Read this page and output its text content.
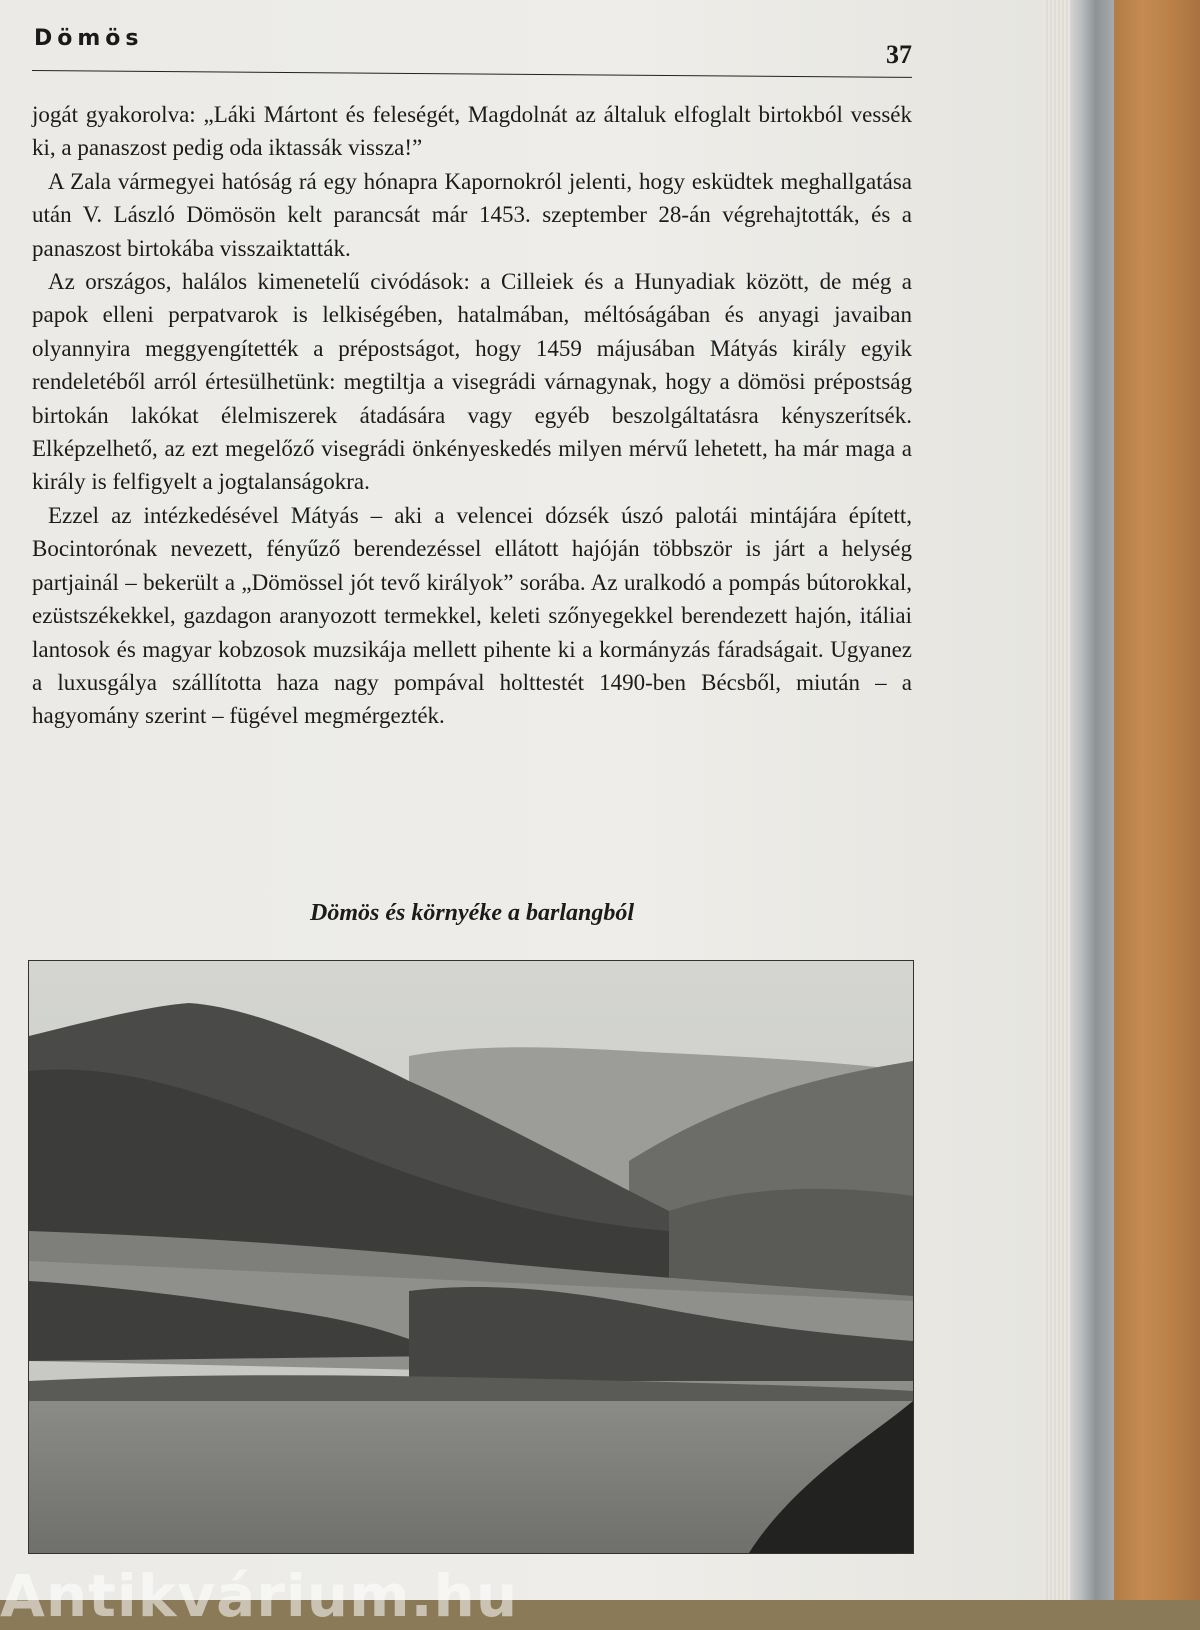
Dömös
37

jogát gyakorolva: „Láki Mártont és feleségét, Magdolnát az általuk elfoglalt birtokból vessék ki, a panaszost pedig oda iktassák vissza!”

A Zala vármegyei hatóság rá egy hónapra Kapornokról jelenti, hogy esküdtek meghallgatása után V. László Dömösön kelt parancsát már 1453. szeptember 28-án végrehajtották, és a panaszost birtokába visszaiktatták.

Az országos, halálos kimenetelű civódások: a Cilleiek és a Hunyadiak között, de még a papok elleni perpatvarok is lelkiségében, hatalmában, méltóságában és anyagi javaiban olyannyira meggyengítették a prépostságot, hogy 1459 májusában Mátyás király egyik rendeletéből arról értesülhetünk: megtiltja a visegrádi várnagynak, hogy a dömösi prépostság birtokán lakókat élelmiszerek átadására vagy egyéb beszolgáltatásra kényszerítsék. Elképzelhető, az ezt megelőző visegrádi önkényeskedés milyen mérvű lehetett, ha már maga a király is felfigyelt a jogtalanságokra.

Ezzel az intézkedésével Mátyás – aki a velencei dózsék úszó palotái mintájára épített, Bocintorónak nevezett, fényűző berendezéssel ellátott hajóján többször is járt a helység partjainál – bekerült a „Dömössel jót tevő királyok” sorába. Az uralkodó a pompás bútorokkal, ezüstszékekkel, gazdagon aranyozott termekkel, keleti szőnyegekkel berendezett hajón, itáliai lantosok és magyar kobzosok muzsikája mellett pihente ki a kormányzás fáradságait. Ugyanez a luxusgálya szállította haza nagy pompával holttestét 1490-ben Bécsből, miután – a hagyomány szerint – fügével megmérgezték.

Dömös és környéke a barlangból
Antikvárium.hu
